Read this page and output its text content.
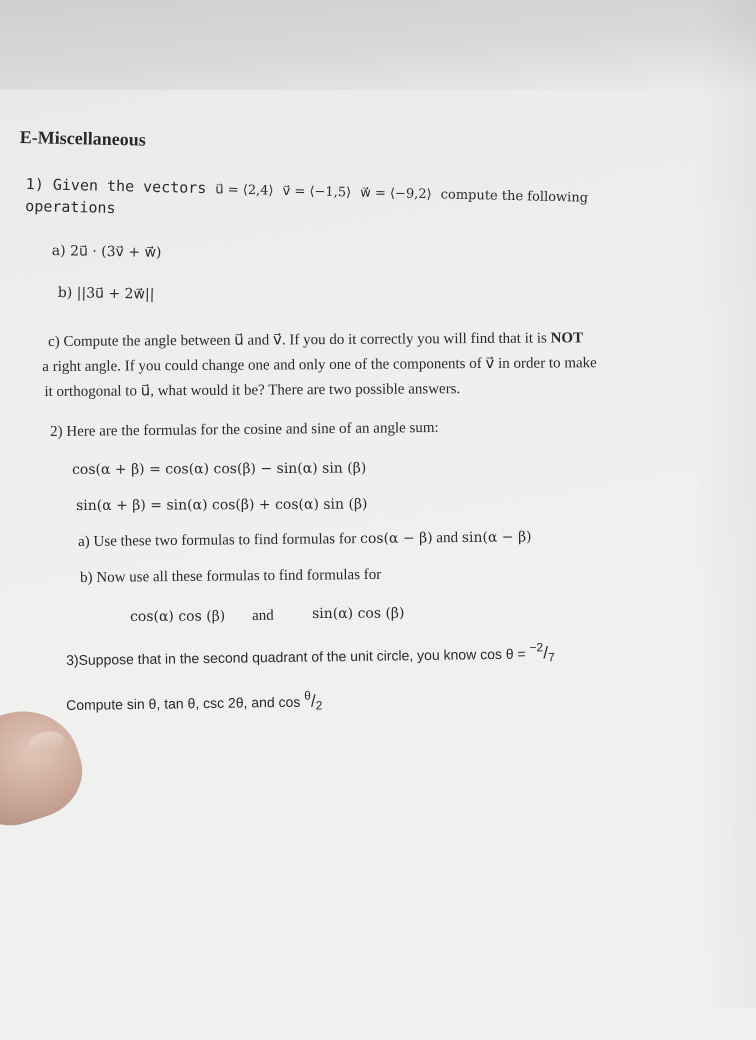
E-Miscellaneous
1) Given the vectors u⃗ = ⟨2,4⟩ v⃗ = ⟨−1,5⟩ w⃗ = ⟨−9,2⟩ compute the following
operations
a) 2u⃗ · (3v⃗ + w⃗)
b) ||3u⃗ + 2w⃗||
c) Compute the angle between u⃗ and v⃗. If you do it correctly you will find that it is NOT
a right angle. If you could change one and only one of the components of v⃗ in order to make
it orthogonal to u⃗, what would it be? There are two possible answers.
2) Here are the formulas for the cosine and sine of an angle sum:
cos(α + β) = cos(α) cos(β) − sin(α) sin (β)
sin(α + β) = sin(α) cos(β) + cos(α) sin (β)
a) Use these two formulas to find formulas for cos(α − β) and sin(α − β)
b) Now use all these formulas to find formulas for
cos(α) cos (β) and	sin(α) cos (β)
3)Suppose that in the second quadrant of the unit circle, you know cos θ = −2/7
Compute sin θ, tan θ, csc 2θ, and cos θ/2
